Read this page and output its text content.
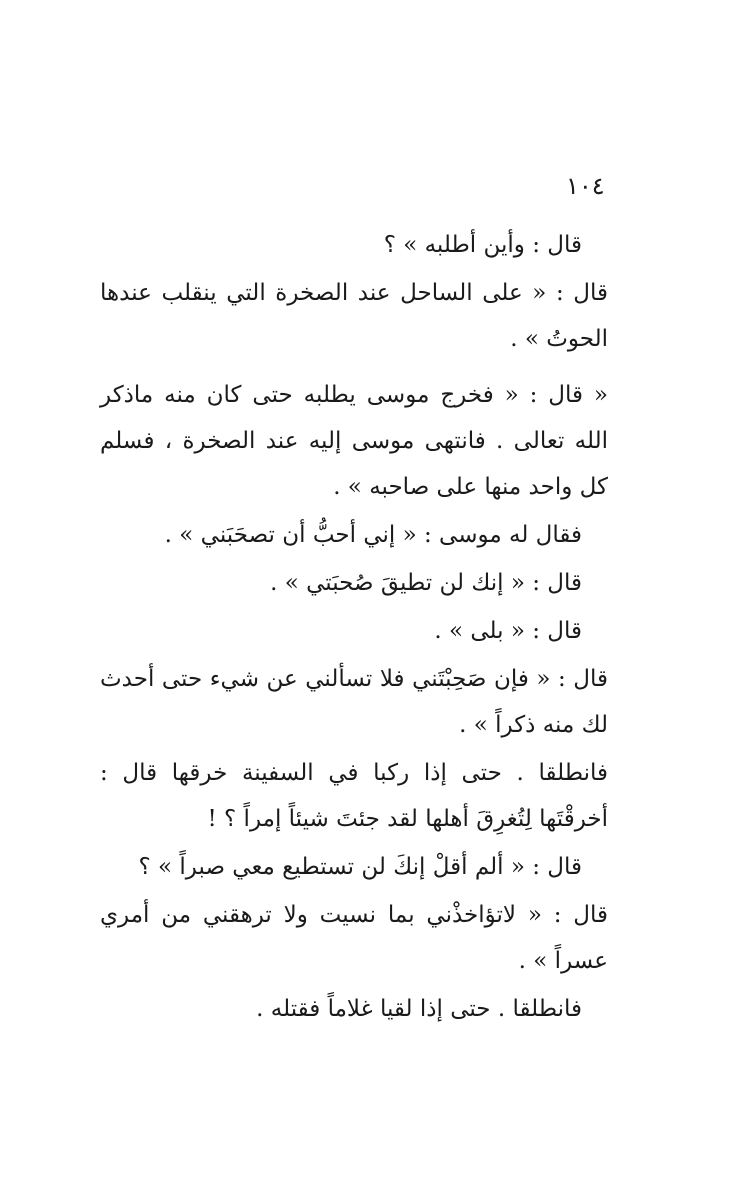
١٠٤

قال : وأين أطلبه » ؟

قال : « على الساحل عند الصخرة التي ينقلب عندها الحوتُ » .

« قال : « فخرج موسى يطلبه حتى كان منه ماذكر الله تعالى . فانتهى موسى إليه عند الصخرة ، فسلم كل واحد منها على صاحبه » .

فقال له موسى : « إني أحبُّ أن تصحَبَني » .

قال : « إنك لن تطيقَ صُحبَتي » .

قال : « بلى » .

قال : « فإن صَحِبْتَني فلا تسألني عن شيء حتى أحدث لك منه ذكراً » .

فانطلقا . حتى إذا ركبا في السفينة خرقها قال : أخرقْتَها لِتُغرِقَ أهلها لقد جئتَ شيئاً إمراً ؟ !

قال : « ألم أقلْ إنكَ لن تستطيع معي صبراً » ؟

قال : « لاتؤاخذْني بما نسيت ولا ترهقني من أمري عسراً » .

فانطلقا . حتى إذا لقيا غلاماً فقتله .
